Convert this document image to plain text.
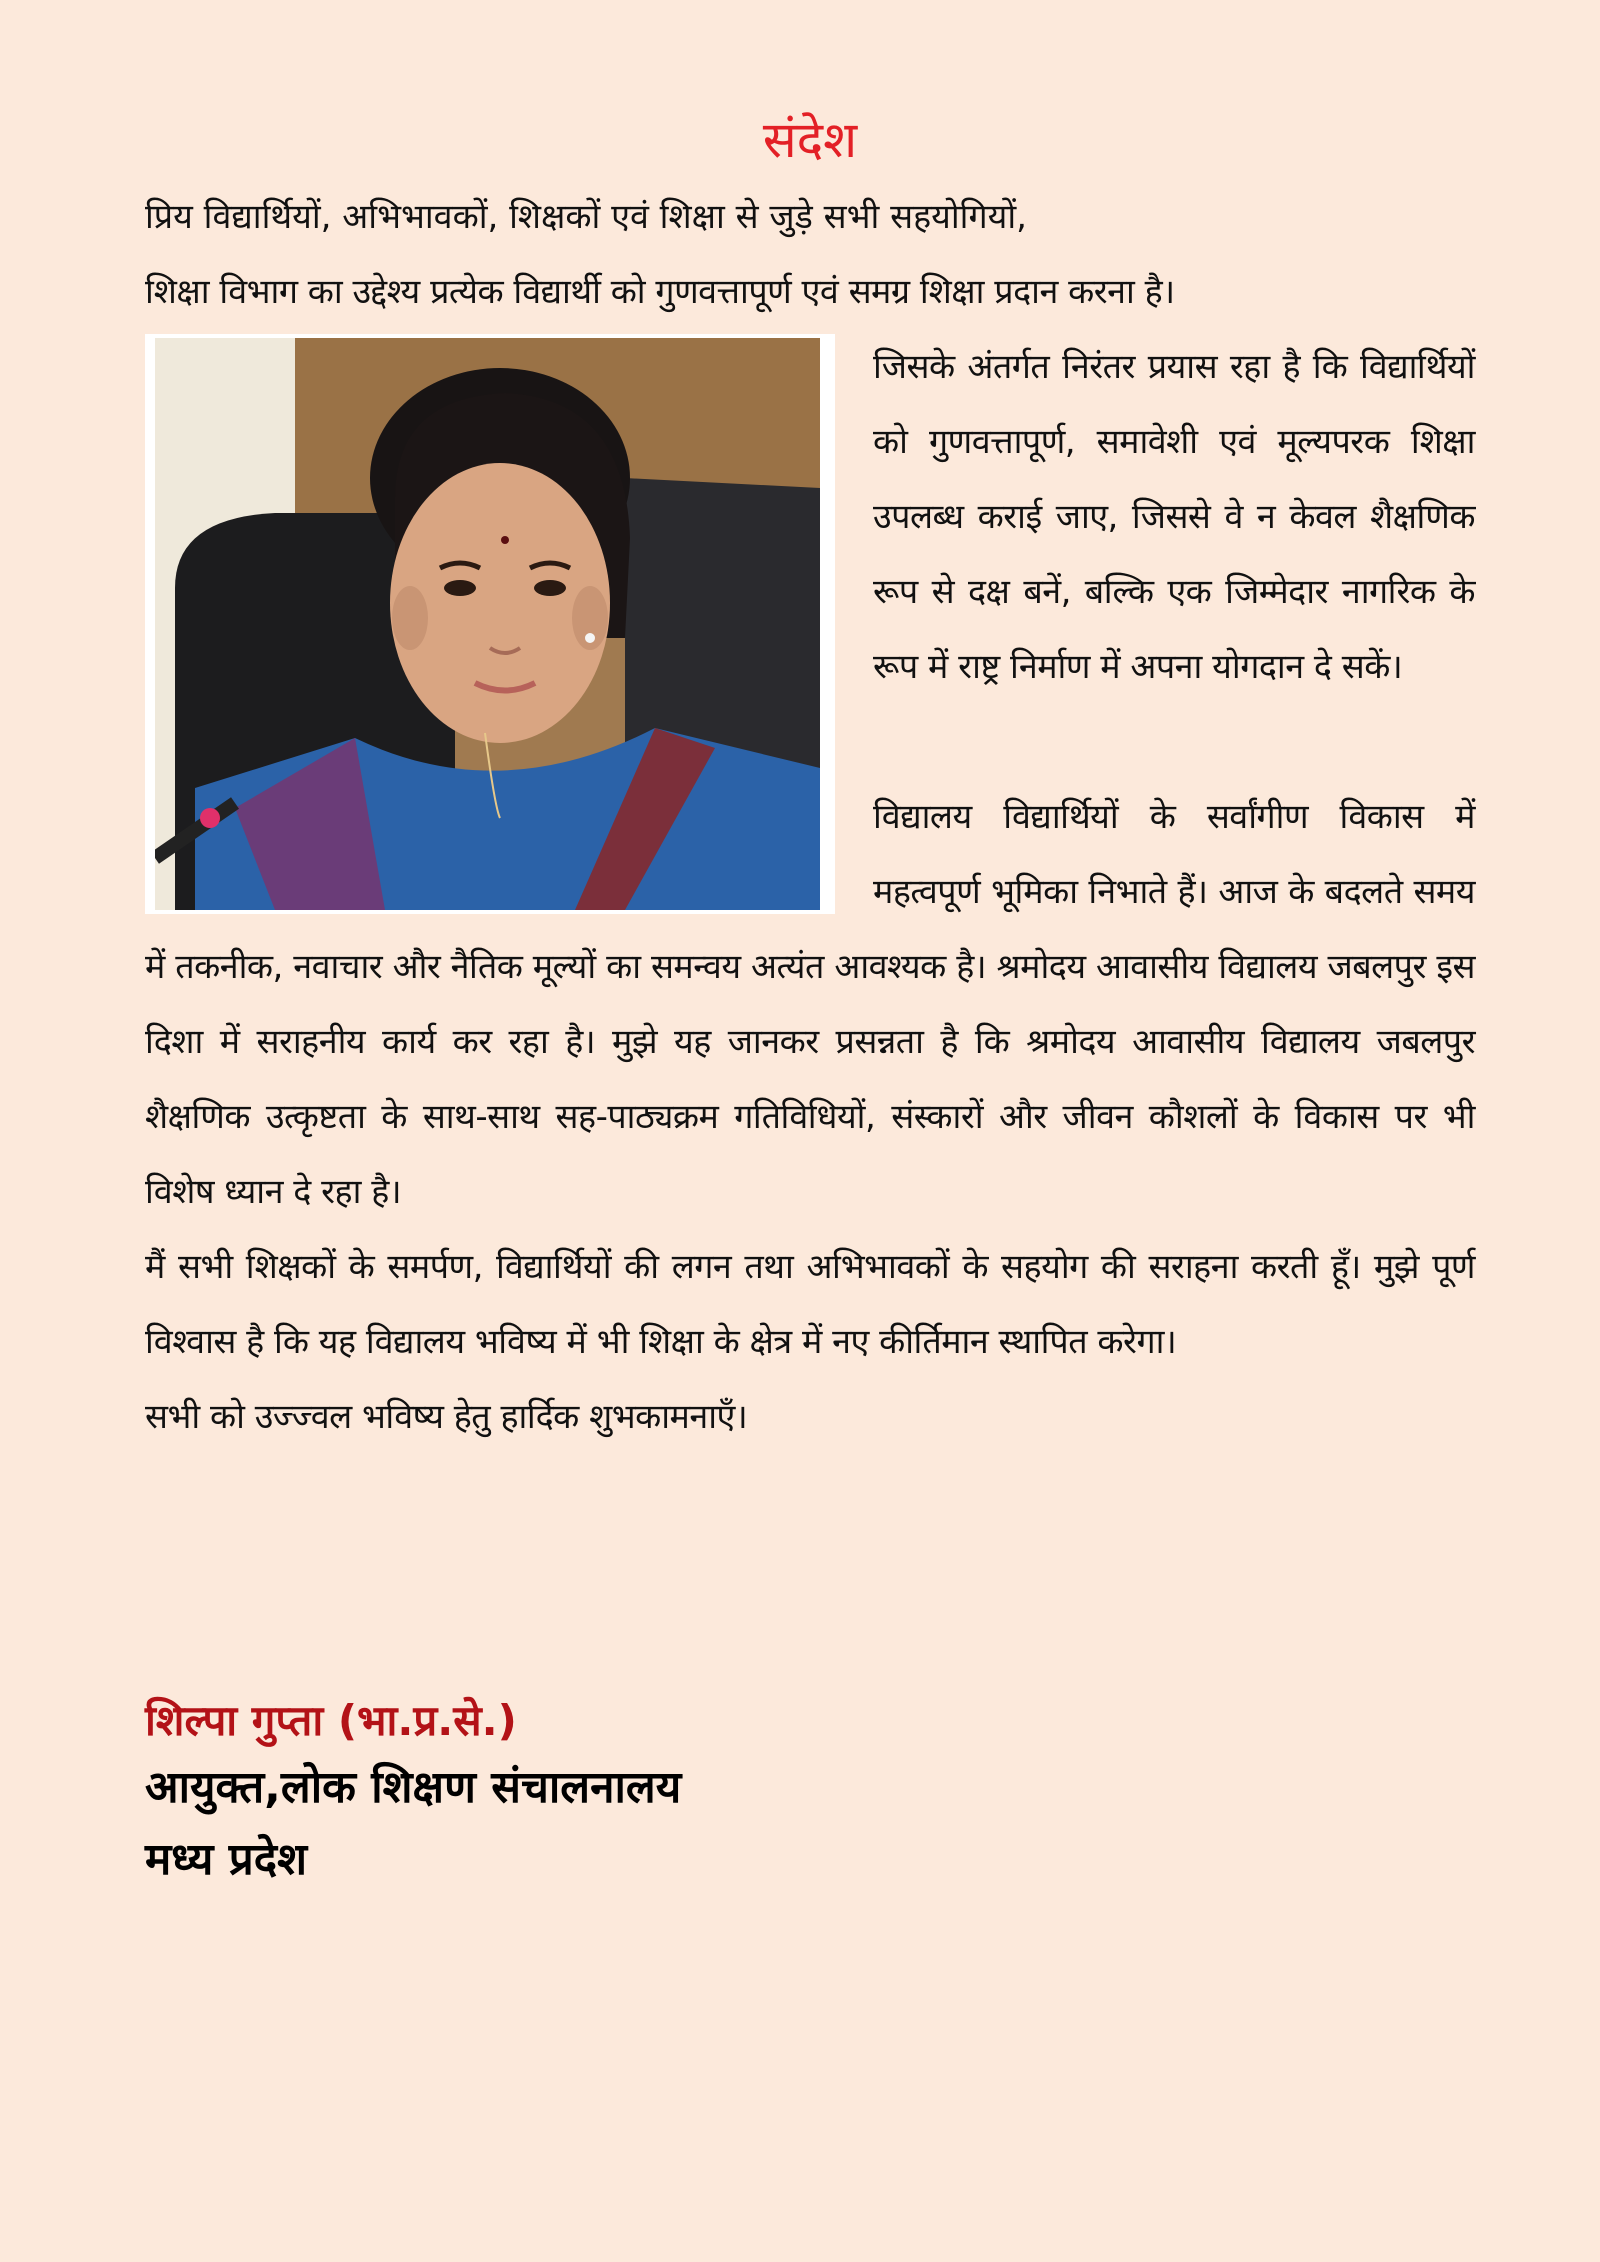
संदेश

प्रिय विद्यार्थियों, अभिभावकों, शिक्षकों एवं शिक्षा से जुड़े सभी सहयोगियों,

शिक्षा विभाग का उद्देश्य प्रत्येक विद्यार्थी को गुणवत्तापूर्ण एवं समग्र शिक्षा प्रदान करना है।

जिसके अंतर्गत निरंतर प्रयास रहा है कि विद्यार्थियों को गुणवत्तापूर्ण, समावेशी एवं मूल्यपरक शिक्षा उपलब्ध कराई जाए, जिससे वे न केवल शैक्षणिक रूप से दक्ष बनें, बल्कि एक जिम्मेदार नागरिक के रूप में राष्ट्र निर्माण में अपना योगदान दे सकें।

विद्यालय विद्यार्थियों के सर्वांगीण विकास में महत्वपूर्ण भूमिका निभाते हैं। आज के बदलते समय में तकनीक, नवाचार और नैतिक मूल्यों का समन्वय अत्यंत आवश्यक है। श्रमोदय आवासीय विद्यालय जबलपुर इस दिशा में सराहनीय कार्य कर रहा है। मुझे यह जानकर प्रसन्नता है कि श्रमोदय आवासीय विद्यालय जबलपुर शैक्षणिक उत्कृष्टता के साथ-साथ सह-पाठ्यक्रम गतिविधियों, संस्कारों और जीवन कौशलों के विकास पर भी विशेष ध्यान दे रहा है।

मैं सभी शिक्षकों के समर्पण, विद्यार्थियों की लगन तथा अभिभावकों के सहयोग की सराहना करती हूँ। मुझे पूर्ण विश्वास है कि यह विद्यालय भविष्य में भी शिक्षा के क्षेत्र में नए कीर्तिमान स्थापित करेगा।

सभी को उज्ज्वल भविष्य हेतु हार्दिक शुभकामनाएँ।

शिल्पा गुप्ता (भा.प्र.से.)

आयुक्त,लोक शिक्षण संचालनालय

मध्य प्रदेश
